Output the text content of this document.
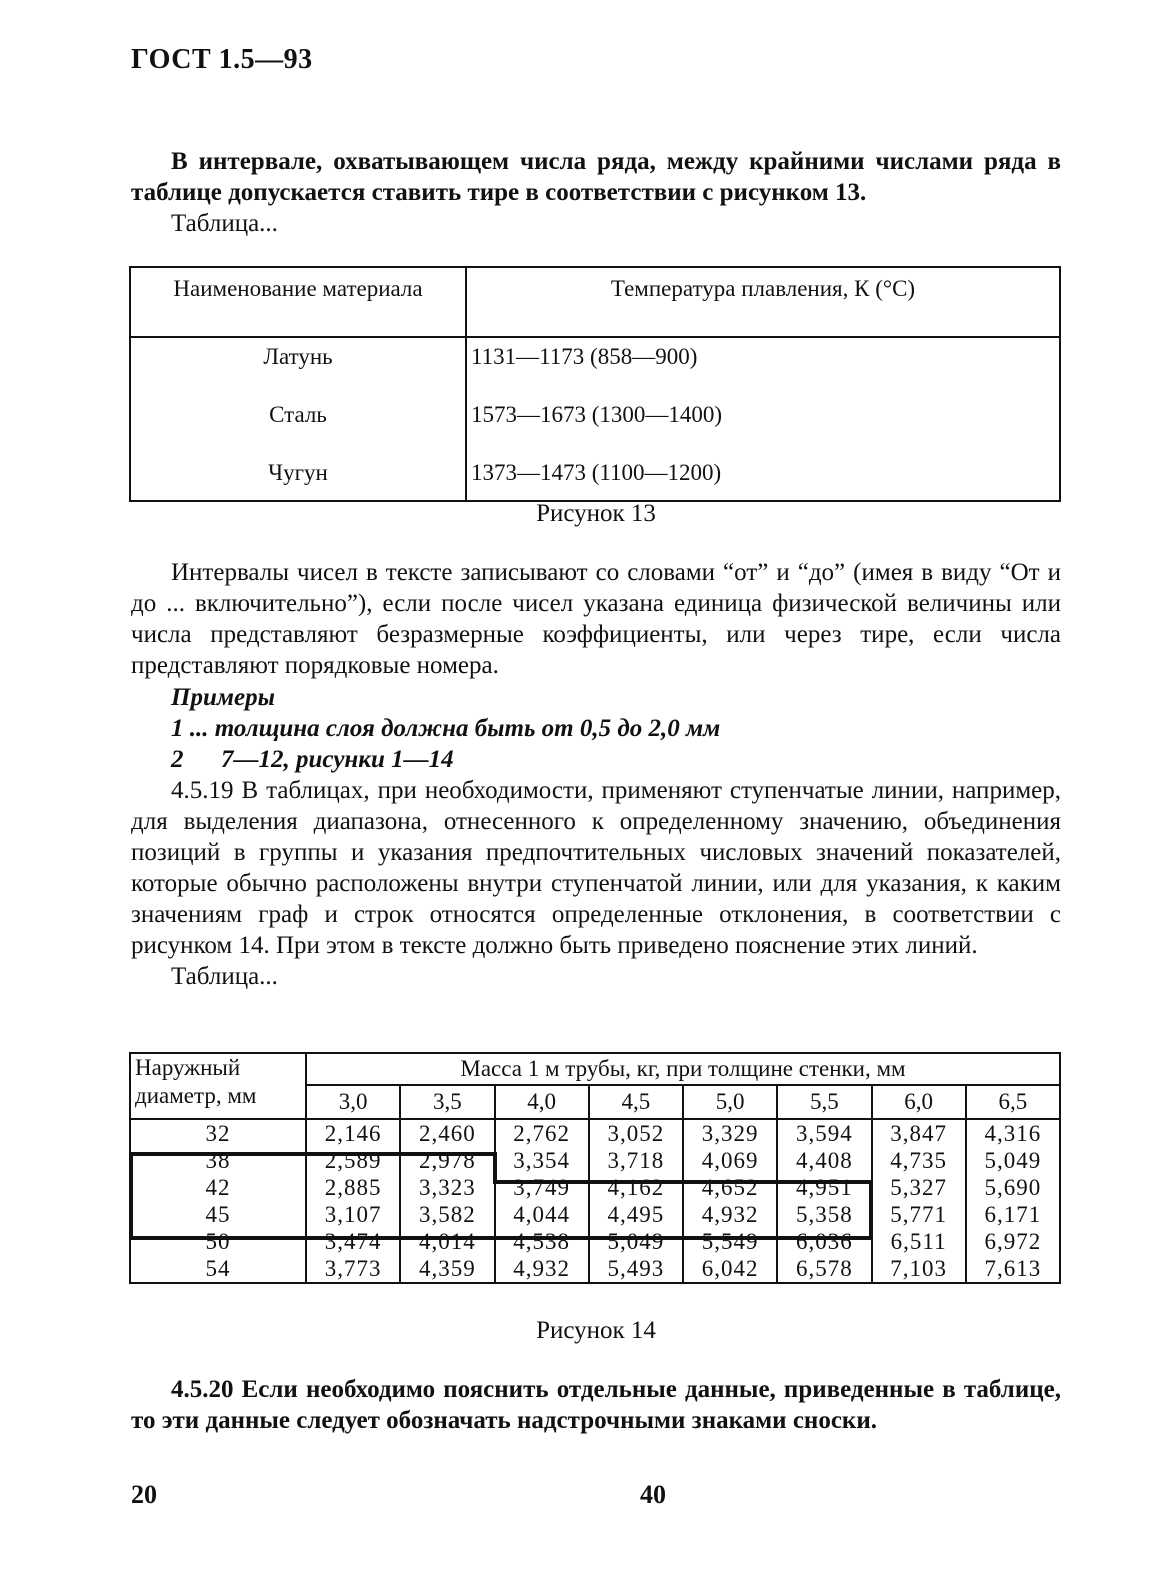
ГОСТ 1.5—93

В интервале, охватывающем числа ряда, между крайними числами ряда в таблице допускается ставить тире в соответствии с рисунком 13.

Таблица...
Наименование материала	Температура плавления, К (°С)
Латунь	1131—1173 (858—900)
Сталь	1573—1673 (1300—1400)
Чугун	1373—1473 (1100—1200)
Рисунок 13

Интервалы чисел в тексте записывают со словами “от” и “до” (имея в виду “От и до ... включительно”), если после чисел указана единица физической величины или числа представляют безразмерные коэффициенты, или через тире, если числа представляют порядковые номера.

Примеры
1 ... толщина слоя должна быть от 0,5 до 2,0 мм
2      7—12, рисунки 1—14

4.5.19 В таблицах, при необходимости, применяют ступенчатые линии, например, для выделения диапазона, отнесенного к определенному значению, объединения позиций в группы и указания предпочтительных числовых значений показателей, которые обычно расположены внутри ступенчатой линии, или для указания, к каким значениям граф и строк относятся определенные отклонения, в соответствии с рисунком 14. При этом в тексте должно быть приведено пояснение этих линий.

Таблица...
Наружный диаметр, мм	Масса 1 м трубы, кг, при толщине стенки, мм							
	3,0	3,5	4,0	4,5	5,0	5,5	6,0	6,5
32	2,146	2,460	2,762	3,052	3,329	3,594	3,847	4,316
38	2,589	2,978	3,354	3,718	4,069	4,408	4,735	5,049
42	2,885	3,323	3,749	4,162	4,652	4,951	5,327	5,690
45	3,107	3,582	4,044	4,495	4,932	5,358	5,771	6,171
50	3,474	4,014	4,538	5,049	5,549	6,036	6,511	6,972
54	3,773	4,359	4,932	5,493	6,042	6,578	7,103	7,613
Рисунок 14

4.5.20 Если необходимо пояснить отдельные данные, приведенные в таблице, то эти данные следует обозначать надстрочными знаками сноски.

20	40
